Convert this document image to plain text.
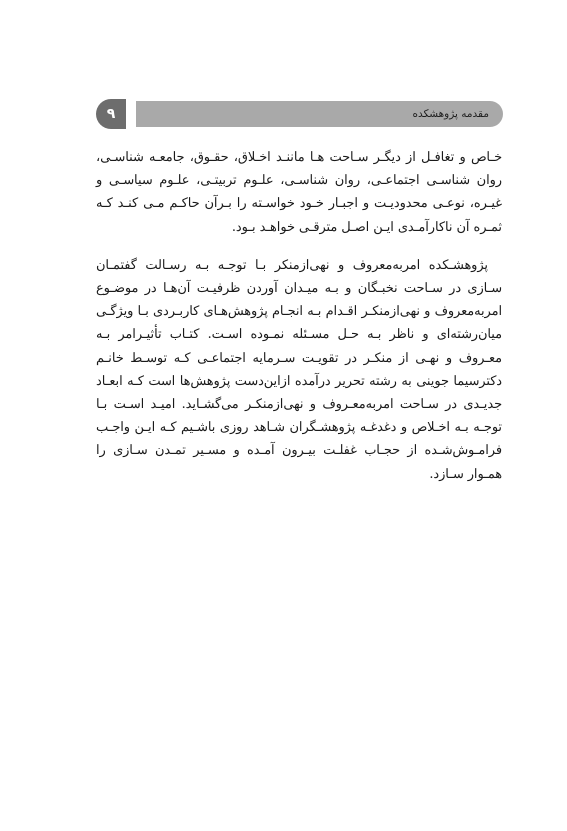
مقدمه پژوهشکده
۹

خـاص و تغافـل از دیگـر سـاحت هـا ماننـد اخـلاق، حقـوق، جامعـه شناسـی، روان شناسـی اجتماعـی، روان شناسـی، علـوم تربیتـی، علـوم سیاسـی و غیـره، نوعـی محدودیـت و اجبـار خـود خواسـته را بـرآن حاکـم مـی کنـد کـه ثمـره آن ناکارآمـدی ایـن اصـل مترقـی خواهـد بـود.

پژوهشـکده امربه‌معروف و نهی‌ازمنکر بـا توجـه بـه رسـالت گفتمـان سـازی در سـاحت نخبـگان و بـه میـدان آوردن ظرفیـت آن‌هـا در موضـوع امربه‌معروف و نهی‌ازمنکـر اقـدام بـه انجـام پژوهش‌هـای کاربـردی بـا ویژگـی میان‌رشته‌ای و ناظر بـه حـل مسـئله نمـوده اسـت. کتـاب تأثیـرامر بـه معـروف و نهـی از منکـر در تقویـت سـرمایه اجتماعـی کـه توسـط خانـم دکترسیما جوینی به رشته تحریر درآمده ازاین‌دست پژوهش‌ها است کـه ابعـاد جدیـدی در سـاحت امربه‌معـروف و نهی‌ازمنکـر می‌گشـاید. امیـد اسـت بـا توجـه بـه اخـلاص و دغدغـه پژوهشـگران شـاهد روزی باشـیم کـه ایـن واجـب فرامـوش‌شـده از حجـاب غفلـت بیـرون آمـده و مسـیر تمـدن سـازی را همـوار سـازد.
